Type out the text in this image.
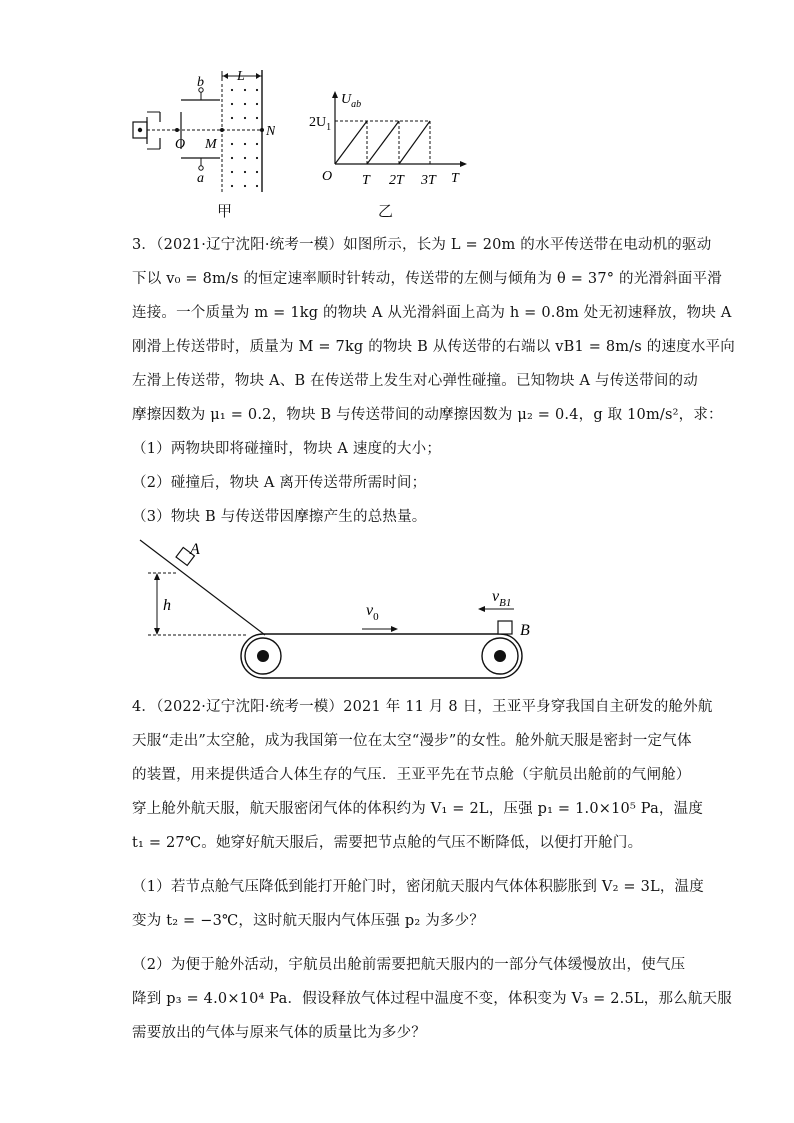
L
b
a
O M
N
甲
$U_{ab}$
$2U_1$
O T 2T 3T T
乙
3．（2021·辽宁沈阳·统考一模）如图所示，长为 L = 20m 的水平传送带在电动机的驱动
下以 v₀ = 8m/s 的恒定速率顺时针转动，传送带的左侧与倾角为 θ = 37° 的光滑斜面平滑
连接。一个质量为 m = 1kg 的物块 A 从光滑斜面上高为 h = 0.8m 处无初速释放，物块 A
刚滑上传送带时，质量为 M = 7kg 的物块 B 从传送带的右端以 vB1 = 8m/s 的速度水平向
左滑上传送带，物块 A、B 在传送带上发生对心弹性碰撞。已知物块 A 与传送带间的动
摩擦因数为 μ₁ = 0.2，物块 B 与传送带间的动摩擦因数为 μ₂ = 0.4，g 取 10m/s²，求：
（1）两物块即将碰撞时，物块 A 速度的大小；
（2）碰撞后，物块 A 离开传送带所需时间；
（3）物块 B 与传送带因摩擦产生的总热量。
A
h	$v_0$
B
$v_{B1}$
4．（2022·辽宁沈阳·统考一模）2021 年 11 月 8 日，王亚平身穿我国自主研发的舱外航
天服“走出”太空舱，成为我国第一位在太空“漫步”的女性。舱外航天服是密封一定气体
的装置，用来提供适合人体生存的气压．王亚平先在节点舱（宇航员出舱前的气闸舱）
穿上舱外航天服，航天服密闭气体的体积约为 V₁ = 2L，压强 p₁ = 1.0×10⁵ Pa，温度
t₁ = 27℃。她穿好航天服后，需要把节点舱的气压不断降低，以便打开舱门。
（1）若节点舱气压降低到能打开舱门时，密闭航天服内气体体积膨胀到 V₂ = 3L，温度
变为 t₂ = −3℃，这时航天服内气体压强 p₂ 为多少？
（2）为便于舱外活动，宇航员出舱前需要把航天服内的一部分气体缓慢放出，使气压
降到 p₃ = 4.0×10⁴ Pa．假设释放气体过程中温度不变，体积变为 V₃ = 2.5L，那么航天服
需要放出的气体与原来气体的质量比为多少？
